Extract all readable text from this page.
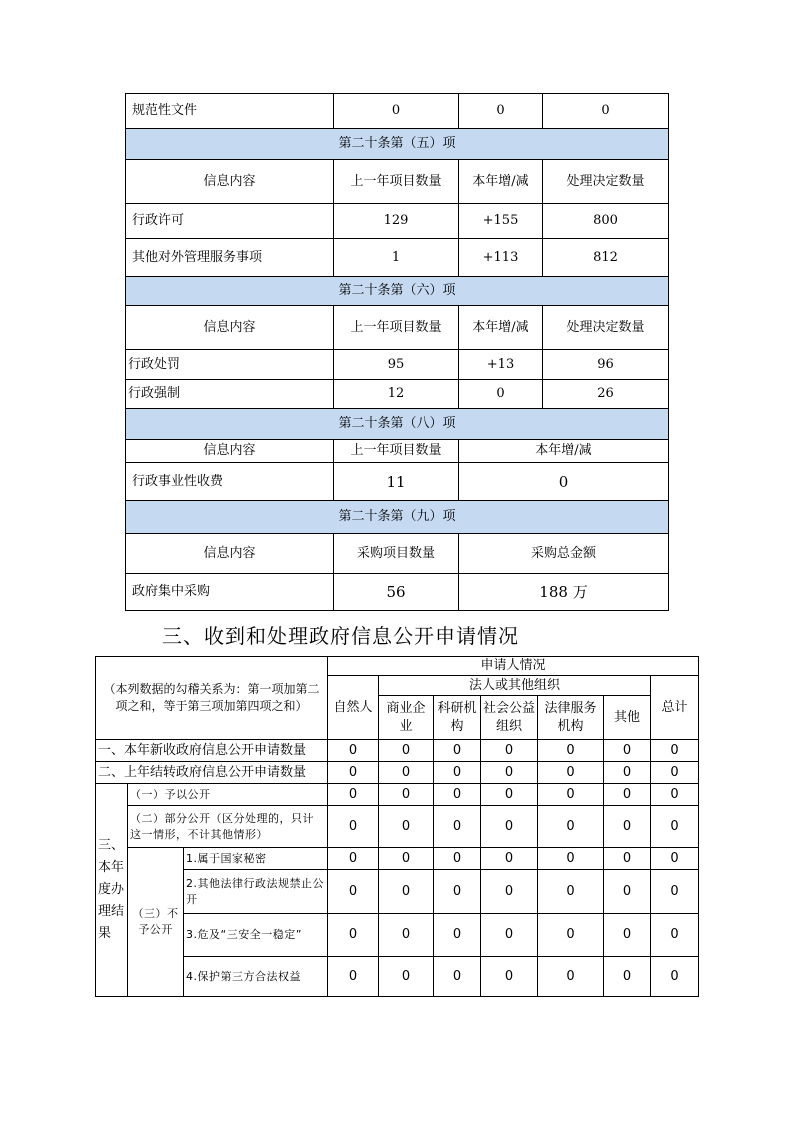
规范性文件	0	0	0
第二十条第（五）项			
信息内容	上一年项目数量	本年增/减	处理决定数量
行政许可	129	+155	800
其他对外管理服务事项	1	+113	812
第二十条第（六）项			
信息内容	上一年项目数量	本年增/减	处理决定数量
行政处罚	95	+13	96
行政强制	12	0	26
第二十条第（八）项			
信息内容	上一年项目数量	本年增/减	
行政事业性收费	11	0	
第二十条第（九）项			
信息内容	采购项目数量	采购总金额	
政府集中采购	56	188 万	
三、收到和处理政府信息公开申请情况
（本列数据的勾稽关系为：第一项加第二项之和，等于第三项加第四项之和）			申请人情况						
			自然人	法人或其他组织					总计
				商业企业	科研机构	社会公益组织	法律服务机构	其他	
一、本年新收政府信息公开申请数量			0	0	0	0	0	0	0
二、上年结转政府信息公开申请数量			0	0	0	0	0	0	0
三、本年度办理结果	（一）予以公开		0	0	0	0	0	0	0
	（二）部分公开（区分处理的，只计这一情形，不计其他情形）		0	0	0	0	0	0	0
	（三）不予公开	1.属于国家秘密	0	0	0	0	0	0	0
		2.其他法律行政法规禁止公开	0	0	0	0	0	0	0
		3.危及“三安全一稳定”	0	0	0	0	0	0	0
		4.保护第三方合法权益	0	0	0	0	0	0	0
